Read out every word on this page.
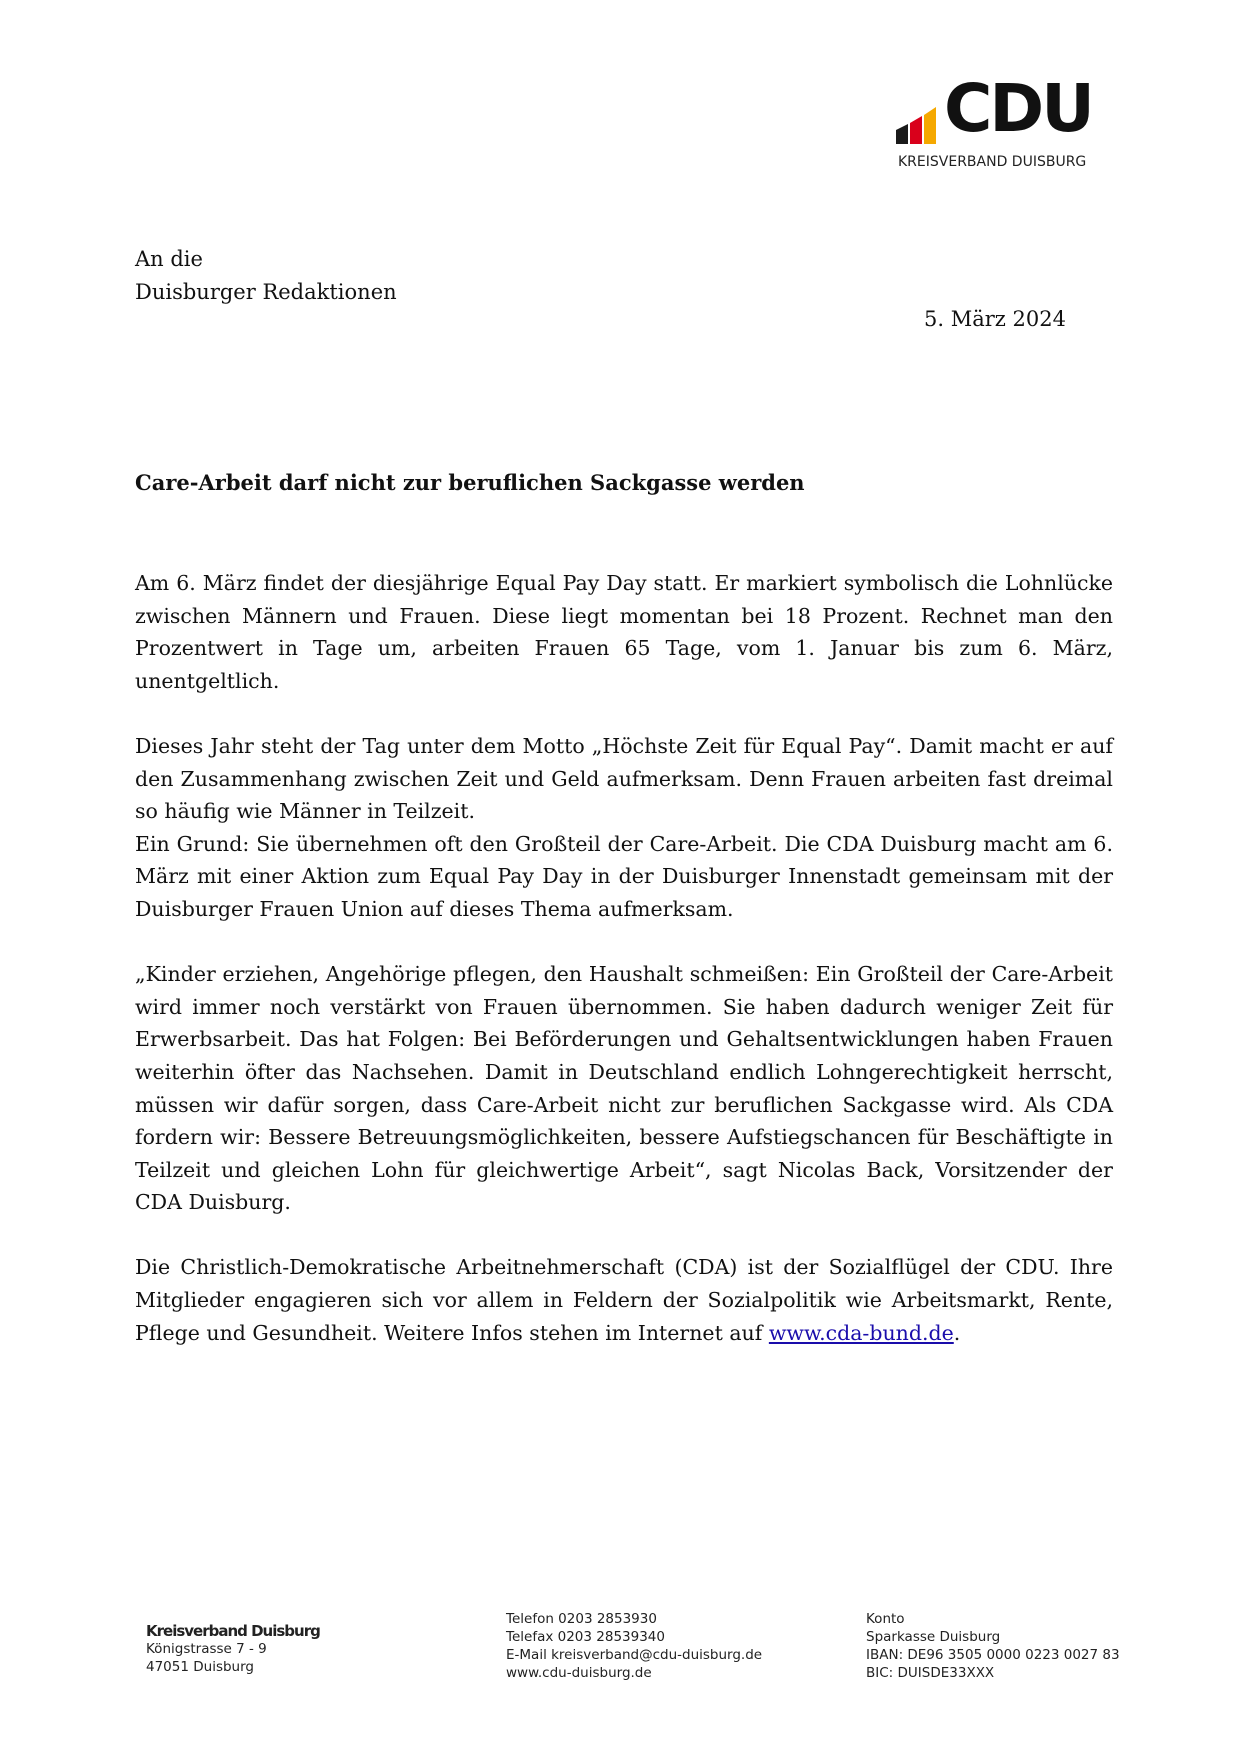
CDU
KREISVERBAND DUISBURG
An die
Duisburger Redaktionen
5. März 2024
Care-Arbeit darf nicht zur beruflichen Sackgasse werden

Am 6. März findet der diesjährige Equal Pay Day statt. Er markiert symbolisch die Lohnlücke zwischen Männern und Frauen. Diese liegt momentan bei 18 Prozent. Rechnet man den Prozentwert in Tage um, arbeiten Frauen 65 Tage, vom 1. Januar bis zum 6. März, unentgeltlich.

Dieses Jahr steht der Tag unter dem Motto „Höchste Zeit für Equal Pay“. Damit macht er auf den Zusammenhang zwischen Zeit und Geld aufmerksam. Denn Frauen arbeiten fast dreimal so häufig wie Männer in Teilzeit.

Ein Grund: Sie übernehmen oft den Großteil der Care-Arbeit. Die CDA Duisburg macht am 6. März mit einer Aktion zum Equal Pay Day in der Duisburger Innenstadt gemeinsam mit der Duisburger Frauen Union auf dieses Thema aufmerksam.

„Kinder erziehen, Angehörige pflegen, den Haushalt schmeißen: Ein Großteil der Care-Arbeit wird immer noch verstärkt von Frauen übernommen. Sie haben dadurch weniger Zeit für Erwerbsarbeit. Das hat Folgen: Bei Beförderungen und Gehaltsentwicklungen haben Frauen weiterhin öfter das Nachsehen. Damit in Deutschland endlich Lohngerechtigkeit herrscht, müssen wir dafür sorgen, dass Care-Arbeit nicht zur beruflichen Sackgasse wird. Als CDA fordern wir: Bessere Betreuungsmöglichkeiten, bessere Aufstiegschancen für Beschäftigte in Teilzeit und gleichen Lohn für gleichwertige Arbeit“, sagt Nicolas Back, Vorsitzender der CDA Duisburg.

Die Christlich-Demokratische Arbeitnehmerschaft (CDA) ist der Sozialflügel der CDU. Ihre Mitglieder engagieren sich vor allem in Feldern der Sozialpolitik wie Arbeitsmarkt, Rente, Pflege und Gesundheit. Weitere Infos stehen im Internet auf www.cda-bund.de.

Kreisverband Duisburg
Königstrasse 7 - 9
47051 Duisburg
Telefon 0203 2853930
Telefax 0203 28539340
E-Mail kreisverband@cdu-duisburg.de
www.cdu-duisburg.de
Konto
Sparkasse Duisburg
IBAN: DE96 3505 0000 0223 0027 83
BIC: DUISDE33XXX
